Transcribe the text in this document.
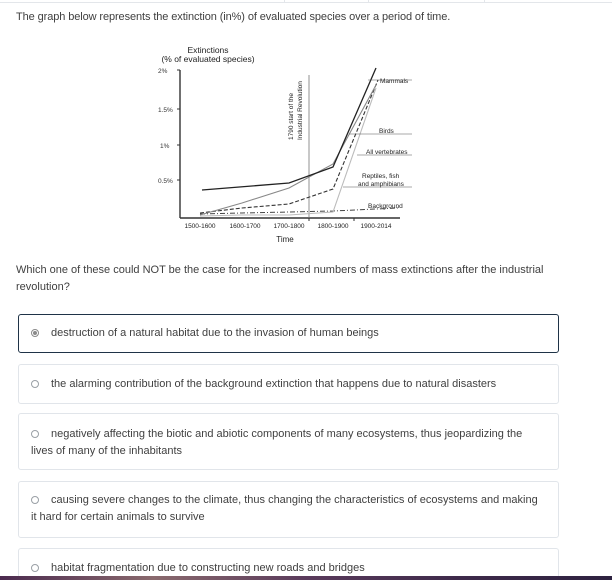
The graph below represents the extinction (in%) of evaluated species over a period of time.
Extinctions
(% of evaluated species)
2%
1.5%
1%
0.5%
1790 start of the Industrial Revolution	Mammals
Birds
All vertebrates
Reptiles, fish
and amphibians
Background
1500-1600 1600-1700 1700-1800 1800-1900 1900-2014
Time
Which one of these could NOT be the case for the increased numbers of mass extinctions after the industrial revolution?
destruction of a natural habitat due to the invasion of human beings
the alarming contribution of the background extinction that happens due to natural disasters
negatively affecting the biotic and abiotic components of many ecosystems, thus jeopardizing the lives of many of the inhabitants
causing severe changes to the climate, thus changing the characteristics of ecosystems and making it hard for certain animals to survive
habitat fragmentation due to constructing new roads and bridges
